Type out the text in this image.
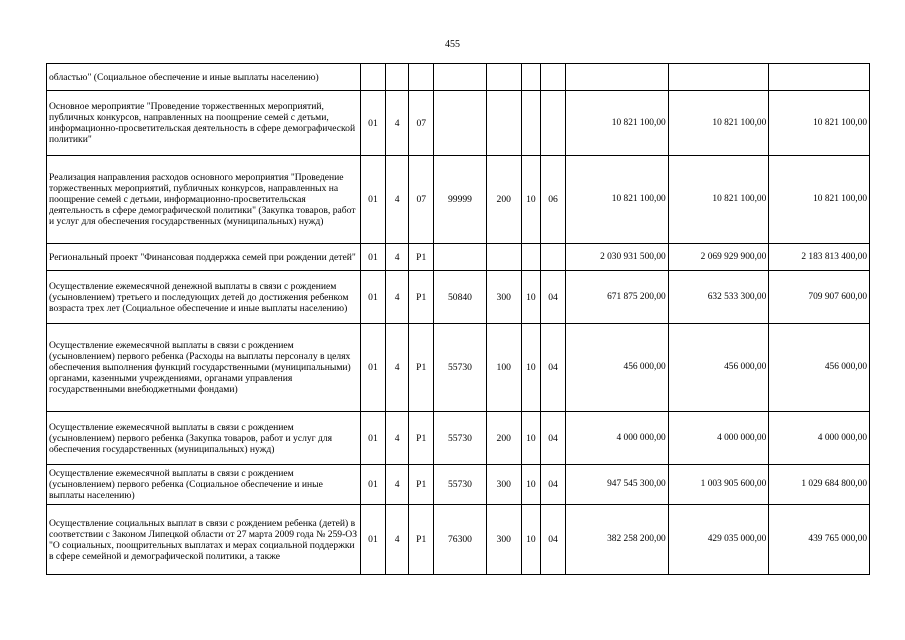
455
областью" (Социальное обеспечение и иные выплаты населению)										
Основное мероприятие "Проведение торжественных мероприятий, публичных конкурсов, направленных на поощрение семей с детьми, информационно-просветительская деятельность в сфере демографической политики"	01	4	07					10 821 100,00	10 821 100,00	10 821 100,00
Реализация направления расходов основного мероприятия "Проведение торжественных мероприятий, публичных конкурсов, направленных на поощрение семей с детьми, информационно-просветительская деятельность в сфере демографической политики" (Закупка товаров, работ и услуг для обеспечения государственных (муниципальных) нужд)	01	4	07	99999	200	10	06	10 821 100,00	10 821 100,00	10 821 100,00
Региональный проект "Финансовая поддержка семей при рождении детей"	01	4	P1					2 030 931 500,00	2 069 929 900,00	2 183 813 400,00
Осуществление ежемесячной денежной выплаты в связи с рождением (усыновлением) третьего и последующих детей до достижения ребенком возраста трех лет (Социальное обеспечение и иные выплаты населению)	01	4	P1	50840	300	10	04	671 875 200,00	632 533 300,00	709 907 600,00
Осуществление ежемесячной выплаты в связи с рождением (усыновлением) первого ребенка (Расходы на выплаты персоналу в целях обеспечения выполнения функций государственными (муниципальными) органами, казенными учреждениями, органами управления государственными внебюджетными фондами)	01	4	P1	55730	100	10	04	456 000,00	456 000,00	456 000,00
Осуществление ежемесячной выплаты в связи с рождением (усыновлением) первого ребенка (Закупка товаров, работ и услуг для обеспечения государственных (муниципальных) нужд)	01	4	P1	55730	200	10	04	4 000 000,00	4 000 000,00	4 000 000,00
Осуществление ежемесячной выплаты в связи с рождением (усыновлением) первого ребенка (Социальное обеспечение и иные выплаты населению)	01	4	P1	55730	300	10	04	947 545 300,00	1 003 905 600,00	1 029 684 800,00
Осуществление социальных выплат в связи с рождением ребенка (детей) в соответствии с Законом Липецкой области от 27 марта 2009 года № 259-ОЗ "О социальных, поощрительных выплатах и мерах социальной поддержки в сфере семейной и демографической политики, а также	01	4	P1	76300	300	10	04	382 258 200,00	429 035 000,00	439 765 000,00
